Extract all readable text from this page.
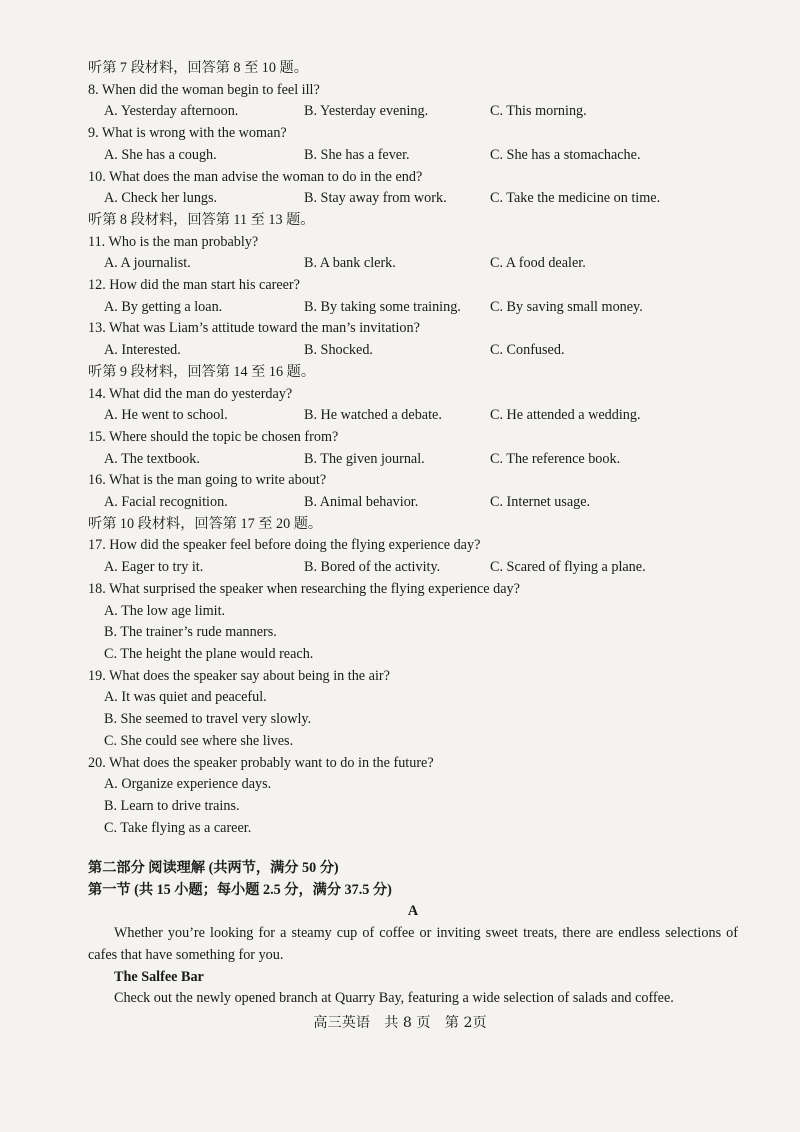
听第 7 段材料，回答第 8 至 10 题。
8. When did the woman begin to feel ill?
A. Yesterday afternoon.	B. Yesterday evening.	C. This morning.
9. What is wrong with the woman?
A. She has a cough.	B. She has a fever.	C. She has a stomachache.
10. What does the man advise the woman to do in the end?
A. Check her lungs.	B. Stay away from work.	C. Take the medicine on time.
听第 8 段材料，回答第 11 至 13 题。
11. Who is the man probably?
A. A journalist.	B. A bank clerk.	C. A food dealer.
12. How did the man start his career?
A. By getting a loan.	B. By taking some training.	C. By saving small money.
13. What was Liam’s attitude toward the man’s invitation?
A. Interested.	B. Shocked.	C. Confused.
听第 9 段材料，回答第 14 至 16 题。
14. What did the man do yesterday?
A. He went to school.	B. He watched a debate.	C. He attended a wedding.
15. Where should the topic be chosen from?
A. The textbook.	B. The given journal.	C. The reference book.
16. What is the man going to write about?
A. Facial recognition.	B. Animal behavior.	C. Internet usage.
听第 10 段材料，回答第 17 至 20 题。
17. How did the speaker feel before doing the flying experience day?
A. Eager to try it.	B. Bored of the activity.	C. Scared of flying a plane.
18. What surprised the speaker when researching the flying experience day?
A. The low age limit.
B. The trainer’s rude manners.
C. The height the plane would reach.
19. What does the speaker say about being in the air?
A. It was quiet and peaceful.
B. She seemed to travel very slowly.
C. She could see where she lives.
20. What does the speaker probably want to do in the future?
A. Organize experience days.
B. Learn to drive trains.
C. Take flying as a career.
第二部分 阅读理解 (共两节，满分 50 分)
第一节 (共 15 小题；每小题 2.5 分，满分 37.5 分)
A
Whether you’re looking for a steamy cup of coffee or inviting sweet treats, there are endless selections of cafes that have something for you.
The Salfee Bar
Check out the newly opened branch at Quarry Bay, featuring a wide selection of salads and coffee.
高三英语　共 8 页　第 2页
